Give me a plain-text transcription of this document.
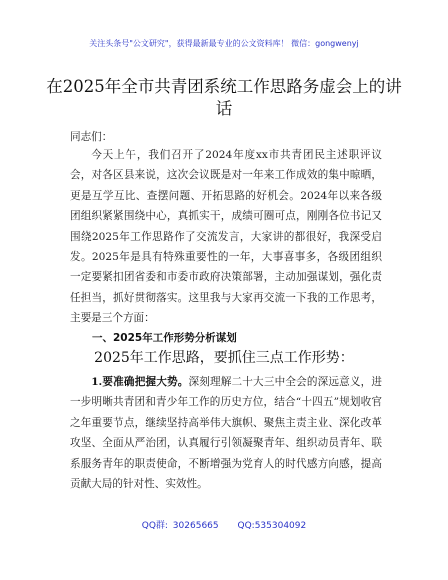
关注头条号"公文研究"，获得最新最专业的公文资料库！ 微信：gongwenyj
在2025年全市共青团系统工作思路务虚会上的讲话

同志们：

今天上午，我们召开了2024年度xx市共青团民主述职评议会，对各区县来说，这次会议既是对一年来工作成效的集中晾晒，更是互学互比、查摆问题、开拓思路的好机会。2024年以来各级团组织紧紧围绕中心，真抓实干，成绩可圈可点，刚刚各位书记又围绕2025年工作思路作了交流发言，大家讲的都很好，我深受启发。2025年是具有特殊重要性的一年，大事喜事多，各级团组织一定要紧扣团省委和市委市政府决策部署，主动加强谋划，强化责任担当，抓好贯彻落实。这里我与大家再交流一下我的工作思考，主要是三个方面：

一、2025年工作形势分析谋划
2025年工作思路，要抓住三点工作形势：

1.要准确把握大势。深刻理解二十大三中全会的深远意义，进一步明晰共青团和青少年工作的历史方位，结合“十四五”规划收官之年重要节点，继续坚持高举伟大旗帜、聚焦主责主业、深化改革攻坚、全面从严治团，认真履行引领凝聚青年、组织动员青年、联系服务青年的职责使命，不断增强为党育人的时代感方向感，提高贡献大局的针对性、实效性。

QQ群: 30265665 QQ:535304092
